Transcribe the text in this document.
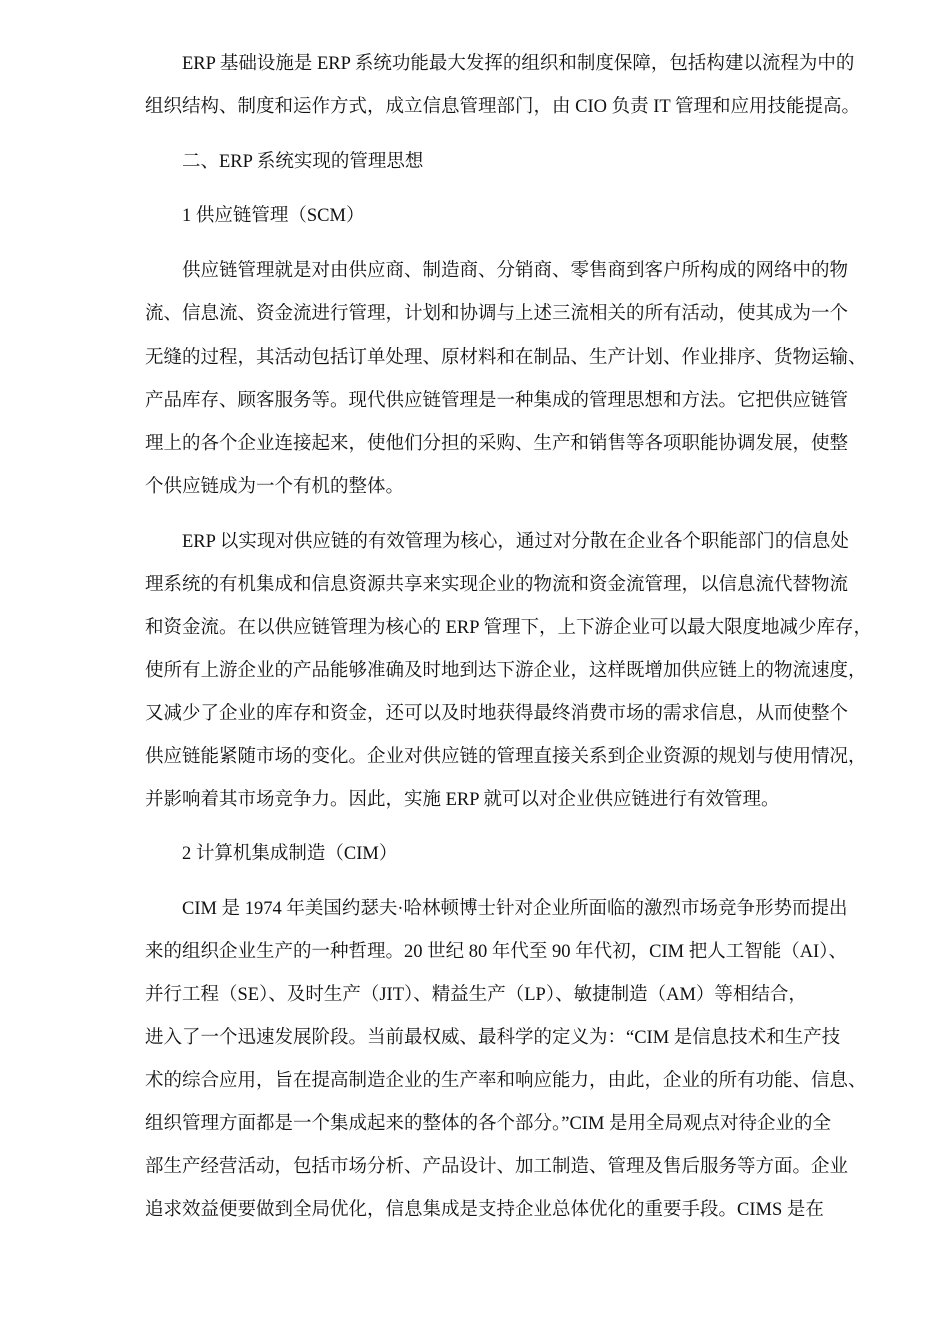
ERP 基础设施是 ERP 系统功能最大发挥的组织和制度保障，包括构建以流程为中的
组织结构、制度和运作方式，成立信息管理部门，由 CIO 负责 IT 管理和应用技能提高。
二、ERP 系统实现的管理思想
1 供应链管理（SCM）
供应链管理就是对由供应商、制造商、分销商、零售商到客户所构成的网络中的物
流、信息流、资金流进行管理，计划和协调与上述三流相关的所有活动，使其成为一个
无缝的过程，其活动包括订单处理、原材料和在制品、生产计划、作业排序、货物运输、
产品库存、顾客服务等。现代供应链管理是一种集成的管理思想和方法。它把供应链管
理上的各个企业连接起来，使他们分担的采购、生产和销售等各项职能协调发展，使整
个供应链成为一个有机的整体。
ERP 以实现对供应链的有效管理为核心，通过对分散在企业各个职能部门的信息处
理系统的有机集成和信息资源共享来实现企业的物流和资金流管理，以信息流代替物流
和资金流。在以供应链管理为核心的 ERP 管理下，上下游企业可以最大限度地减少库存，
使所有上游企业的产品能够准确及时地到达下游企业，这样既增加供应链上的物流速度，
又减少了企业的库存和资金，还可以及时地获得最终消费市场的需求信息，从而使整个
供应链能紧随市场的变化。企业对供应链的管理直接关系到企业资源的规划与使用情况，
并影响着其市场竞争力。因此，实施 ERP 就可以对企业供应链进行有效管理。
2 计算机集成制造（CIM）
CIM 是 1974 年美国约瑟夫·哈林顿博士针对企业所面临的激烈市场竞争形势而提出
来的组织企业生产的一种哲理。20 世纪 80 年代至 90 年代初，CIM 把人工智能（AI）、
并行工程（SE）、及时生产（JIT）、精益生产（LP）、敏捷制造（AM）等相结合，
进入了一个迅速发展阶段。当前最权威、最科学的定义为：“CIM 是信息技术和生产技
术的综合应用，旨在提高制造企业的生产率和响应能力，由此，企业的所有功能、信息、
组织管理方面都是一个集成起来的整体的各个部分。”CIM 是用全局观点对待企业的全
部生产经营活动，包括市场分析、产品设计、加工制造、管理及售后服务等方面。企业
追求效益便要做到全局优化，信息集成是支持企业总体优化的重要手段。CIMS 是在
